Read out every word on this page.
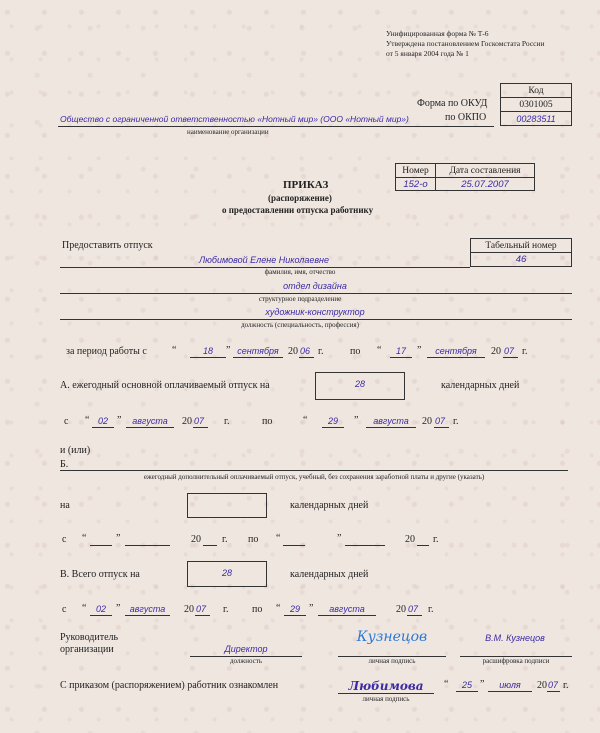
Унифицированная форма № Т-6
Утверждена постановлением Госкомстата России
от 5 января 2004 года № 1
Код
0301005
00283511
Форма по ОКУД
по ОКПО
Общество с ограниченной ответственностью «Нотный мир» (ООО «Нотный мир»)
наименование организации
Номер	Дата составления
152-о	25.07.2007
ПРИКАЗ
(распоряжение)
о предоставлении отпуска работнику
Предоставить отпуск	Табельный номер
46
Любимовой Елене Николаевне
фамилия, имя, отчество
отдел дизайна
структурное подразделение
художник-конструктор
должность (специальность, профессия)
за период работы с	“	18	” сентября 20 06 г.	по “	17	”	сентября	20 07 г.
А. ежегодный основной оплачиваемый отпуск на	28	календарных дней
с “ 02 ”	августа	20 07 г.	по	“	29	”	августа	20 07 г.
и (или)
Б.
ежегодный дополнительный оплачиваемый отпуск, учебный, без сохранения заработной платы и другие (указать)
на	календарных дней
с “	”	20 г. по “	”	20 г.
В. Всего отпуск на	28	календарных дней
с “	02	”	августа	20 07 г. по “	29 ”	августа	20 07 г.
Руководитель
организации	Директор
должность
Кузнецов
личная подпись
В.М. Кузнецов
расшифровка подписи
С приказом (распоряжением) работник ознакомлен	Любимова
личная подпись
“	25 ”	июля	20 07 г.
